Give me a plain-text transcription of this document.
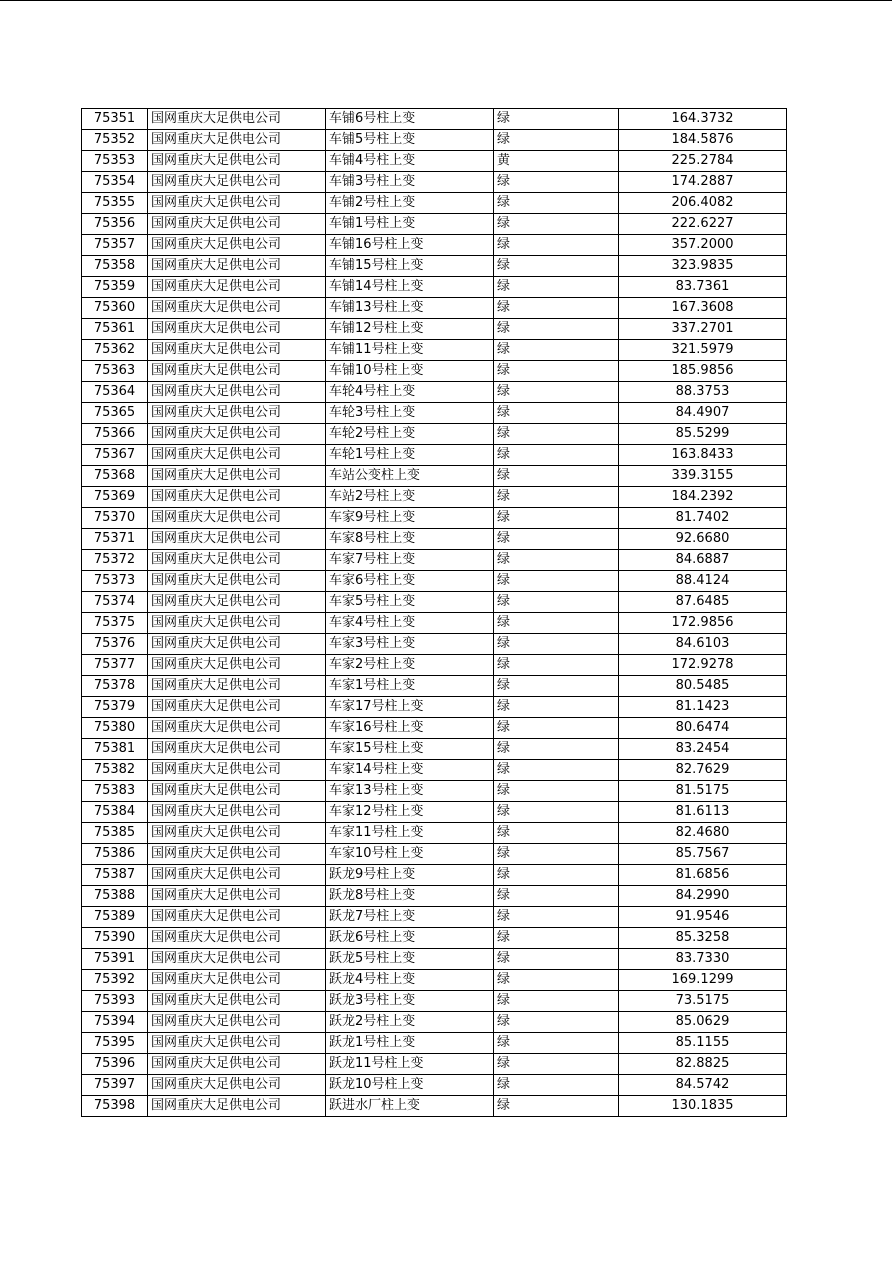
75351	国网重庆大足供电公司	车铺6号柱上变	绿	164.3732
75352	国网重庆大足供电公司	车铺5号柱上变	绿	184.5876
75353	国网重庆大足供电公司	车铺4号柱上变	黄	225.2784
75354	国网重庆大足供电公司	车铺3号柱上变	绿	174.2887
75355	国网重庆大足供电公司	车铺2号柱上变	绿	206.4082
75356	国网重庆大足供电公司	车铺1号柱上变	绿	222.6227
75357	国网重庆大足供电公司	车铺16号柱上变	绿	357.2000
75358	国网重庆大足供电公司	车铺15号柱上变	绿	323.9835
75359	国网重庆大足供电公司	车铺14号柱上变	绿	83.7361
75360	国网重庆大足供电公司	车铺13号柱上变	绿	167.3608
75361	国网重庆大足供电公司	车铺12号柱上变	绿	337.2701
75362	国网重庆大足供电公司	车铺11号柱上变	绿	321.5979
75363	国网重庆大足供电公司	车铺10号柱上变	绿	185.9856
75364	国网重庆大足供电公司	车轮4号柱上变	绿	88.3753
75365	国网重庆大足供电公司	车轮3号柱上变	绿	84.4907
75366	国网重庆大足供电公司	车轮2号柱上变	绿	85.5299
75367	国网重庆大足供电公司	车轮1号柱上变	绿	163.8433
75368	国网重庆大足供电公司	车站公变柱上变	绿	339.3155
75369	国网重庆大足供电公司	车站2号柱上变	绿	184.2392
75370	国网重庆大足供电公司	车家9号柱上变	绿	81.7402
75371	国网重庆大足供电公司	车家8号柱上变	绿	92.6680
75372	国网重庆大足供电公司	车家7号柱上变	绿	84.6887
75373	国网重庆大足供电公司	车家6号柱上变	绿	88.4124
75374	国网重庆大足供电公司	车家5号柱上变	绿	87.6485
75375	国网重庆大足供电公司	车家4号柱上变	绿	172.9856
75376	国网重庆大足供电公司	车家3号柱上变	绿	84.6103
75377	国网重庆大足供电公司	车家2号柱上变	绿	172.9278
75378	国网重庆大足供电公司	车家1号柱上变	绿	80.5485
75379	国网重庆大足供电公司	车家17号柱上变	绿	81.1423
75380	国网重庆大足供电公司	车家16号柱上变	绿	80.6474
75381	国网重庆大足供电公司	车家15号柱上变	绿	83.2454
75382	国网重庆大足供电公司	车家14号柱上变	绿	82.7629
75383	国网重庆大足供电公司	车家13号柱上变	绿	81.5175
75384	国网重庆大足供电公司	车家12号柱上变	绿	81.6113
75385	国网重庆大足供电公司	车家11号柱上变	绿	82.4680
75386	国网重庆大足供电公司	车家10号柱上变	绿	85.7567
75387	国网重庆大足供电公司	跃龙9号柱上变	绿	81.6856
75388	国网重庆大足供电公司	跃龙8号柱上变	绿	84.2990
75389	国网重庆大足供电公司	跃龙7号柱上变	绿	91.9546
75390	国网重庆大足供电公司	跃龙6号柱上变	绿	85.3258
75391	国网重庆大足供电公司	跃龙5号柱上变	绿	83.7330
75392	国网重庆大足供电公司	跃龙4号柱上变	绿	169.1299
75393	国网重庆大足供电公司	跃龙3号柱上变	绿	73.5175
75394	国网重庆大足供电公司	跃龙2号柱上变	绿	85.0629
75395	国网重庆大足供电公司	跃龙1号柱上变	绿	85.1155
75396	国网重庆大足供电公司	跃龙11号柱上变	绿	82.8825
75397	国网重庆大足供电公司	跃龙10号柱上变	绿	84.5742
75398	国网重庆大足供电公司	跃进水厂柱上变	绿	130.1835
